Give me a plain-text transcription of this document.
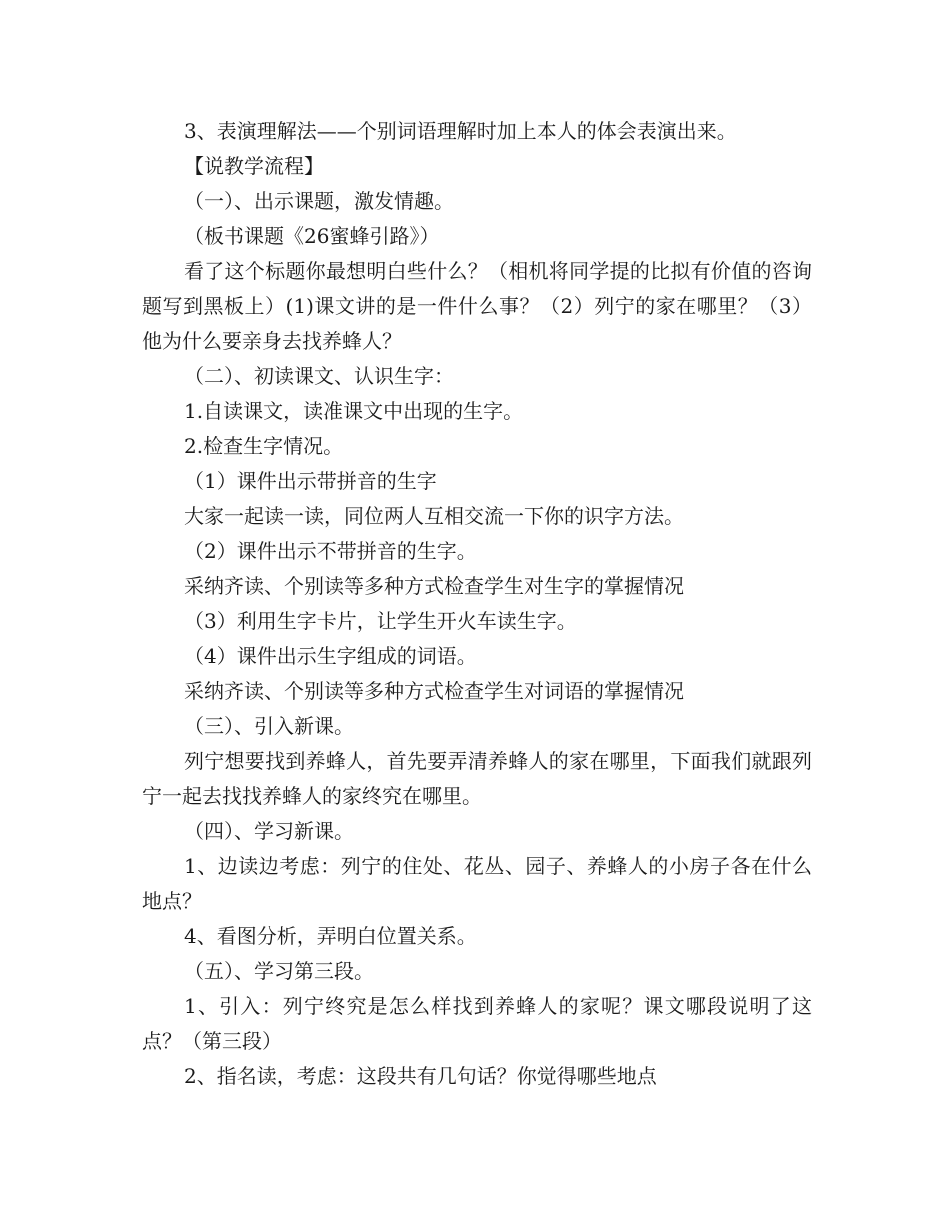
3、表演理解法——个别词语理解时加上本人的体会表演出来。

【说教学流程】

（一）、出示课题，激发情趣。

（板书课题《26蜜蜂引路》）

看了这个标题你最想明白些什么？（相机将同学提的比拟有价值的咨询题写到黑板上）(1)课文讲的是一件什么事？（2）列宁的家在哪里？（3）他为什么要亲身去找养蜂人？

（二）、初读课文、认识生字：

1.自读课文，读准课文中出现的生字。

2.检查生字情况。

（1）课件出示带拼音的生字

大家一起读一读，同位两人互相交流一下你的识字方法。

（2）课件出示不带拼音的生字。

采纳齐读、个别读等多种方式检查学生对生字的掌握情况

（3）利用生字卡片，让学生开火车读生字。

（4）课件出示生字组成的词语。

采纳齐读、个别读等多种方式检查学生对词语的掌握情况

（三）、引入新课。

列宁想要找到养蜂人，首先要弄清养蜂人的家在哪里，下面我们就跟列宁一起去找找养蜂人的家终究在哪里。

（四）、学习新课。

1、边读边考虑：列宁的住处、花丛、园子、养蜂人的小房子各在什么地点？

4、看图分析，弄明白位置关系。

（五）、学习第三段。

1、引入：列宁终究是怎么样找到养蜂人的家呢？课文哪段说明了这点？（第三段）

2、指名读，考虑：这段共有几句话？你觉得哪些地点
